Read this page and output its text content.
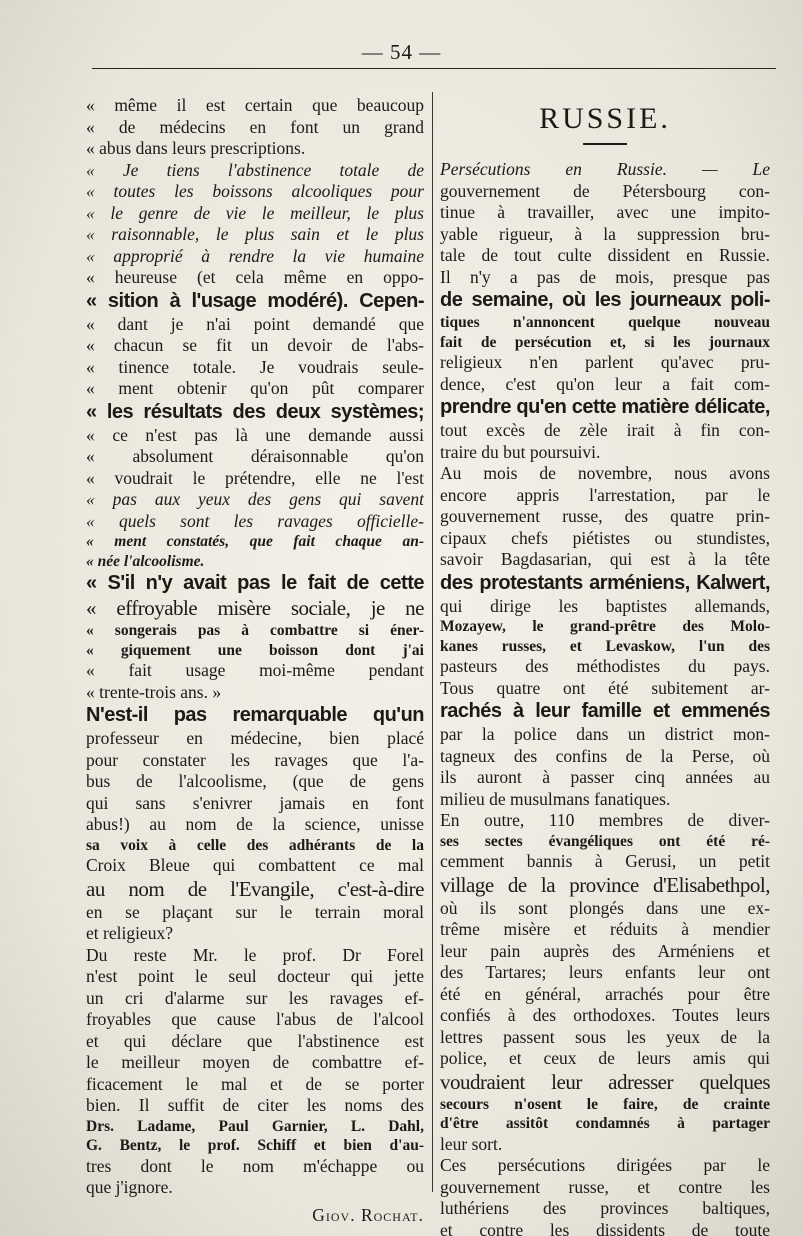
— 54 —
« même il est certain que beaucoup
« de médecins en font un grand
« abus dans leurs prescriptions.
« Je tiens l'abstinence totale de
« toutes les boissons alcooliques pour
« le genre de vie le meilleur, le plus
« raisonnable, le plus sain et le plus
« approprié à rendre la vie humaine
« heureuse (et cela même en oppo-
« sition à l'usage modéré). Cepen-
« dant je n'ai point demandé que
« chacun se fit un devoir de l'abs-
« tinence totale. Je voudrais seule-
« ment obtenir qu'on pût comparer
« les résultats des deux systèmes;
« ce n'est pas là une demande aussi
« absolument déraisonnable qu'on
« voudrait le prétendre, elle ne l'est
« pas aux yeux des gens qui savent
« quels sont les ravages officielle-
« ment constatés, que fait chaque an-
« née l'alcoolisme.
« S'il n'y avait pas le fait de cette
« effroyable misère sociale, je ne
« songerais pas à combattre si éner-
« giquement une boisson dont j'ai
« fait usage moi-même pendant
« trente-trois ans. »
N'est-il pas remarquable qu'un
professeur en médecine, bien placé
pour constater les ravages que l'a-
bus de l'alcoolisme, (que de gens
qui sans s'enivrer jamais en font
abus!) au nom de la science, unisse
sa voix à celle des adhérants de la
Croix Bleue qui combattent ce mal
au nom de l'Evangile, c'est-à-dire
en se plaçant sur le terrain moral
et religieux?
Du reste Mr. le prof. Dr Forel
n'est point le seul docteur qui jette
un cri d'alarme sur les ravages ef-
froyables que cause l'abus de l'alcool
et qui déclare que l'abstinence est
le meilleur moyen de combattre ef-
ficacement le mal et de se porter
bien. Il suffit de citer les noms des
Drs. Ladame, Paul Garnier, L. Dahl,
G. Bentz, le prof. Schiff et bien d'au-
tres dont le nom m'échappe ou
que j'ignore.
Giov. Rochat.
RUSSIE.
Persécutions en Russie. — Le
gouvernement de Pétersbourg con-
tinue à travailler, avec une impito-
yable rigueur, à la suppression bru-
tale de tout culte dissident en Russie.
Il n'y a pas de mois, presque pas
de semaine, où les journeaux poli-
tiques n'annoncent quelque nouveau
fait de persécution et, si les journaux
religieux n'en parlent qu'avec pru-
dence, c'est qu'on leur a fait com-
prendre qu'en cette matière délicate,
tout excès de zèle irait à fin con-
traire du but poursuivi.
Au mois de novembre, nous avons
encore appris l'arrestation, par le
gouvernement russe, des quatre prin-
cipaux chefs piétistes ou stundistes,
savoir Bagdasarian, qui est à la tête
des protestants arméniens, Kalwert,
qui dirige les baptistes allemands,
Mozayew, le grand-prêtre des Molo-
kanes russes, et Levaskow, l'un des
pasteurs des méthodistes du pays.
Tous quatre ont été subitement ar-
rachés à leur famille et emmenés
par la police dans un district mon-
tagneux des confins de la Perse, où
ils auront à passer cinq années au
milieu de musulmans fanatiques.
En outre, 110 membres de diver-
ses sectes évangéliques ont été ré-
cemment bannis à Gerusi, un petit
village de la province d'Elisabethpol,
où ils sont plongés dans une ex-
trême misère et réduits à mendier
leur pain auprès des Arméniens et
des Tartares; leurs enfants leur ont
été en général, arrachés pour être
confiés à des orthodoxes. Toutes leurs
lettres passent sous les yeux de la
police, et ceux de leurs amis qui
voudraient leur adresser quelques
secours n'osent le faire, de crainte
d'être assitôt condamnés à partager
leur sort.
Ces persécutions dirigées par le
gouvernement russe, et contre les
luthériens des provinces baltiques,
et contre les dissidents de toute
